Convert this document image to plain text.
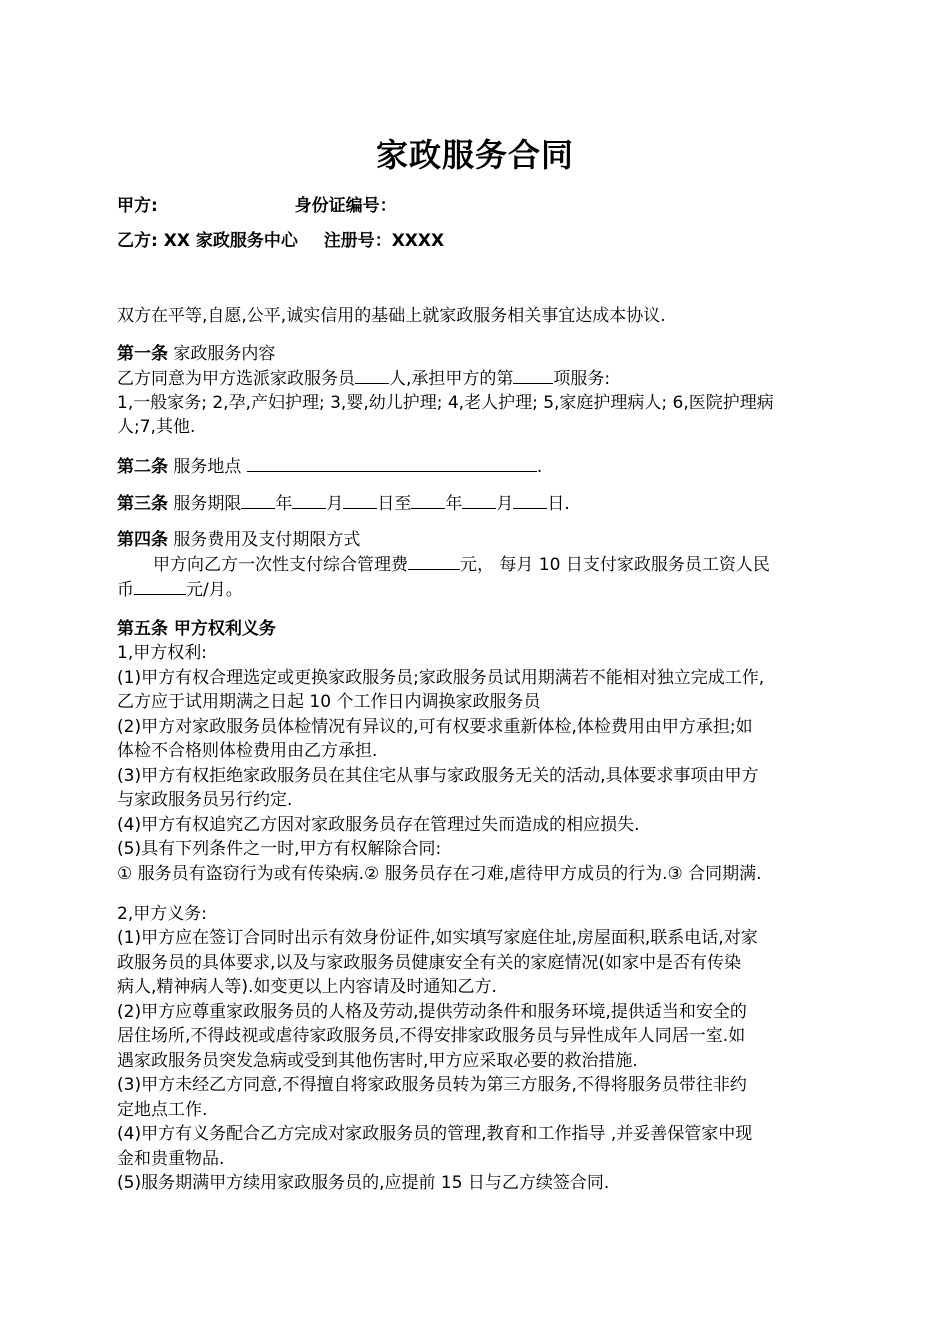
家政服务合同
甲方:	身份证编号：
乙方: XX 家政服务中心 注册号：XXXX
双方在平等,自愿,公平,诚实信用的基础上就家政服务相关事宜达成本协议.
第一条 家政服务内容
乙方同意为甲方选派家政服务员 人,承担甲方的第 项服务:
1,一般家务; 2,孕,产妇护理; 3,婴,幼儿护理; 4,老人护理; 5,家庭护理病人; 6,医院护理病
人;7,其他.
第二条 服务地点	.
第三条 服务期限 年 月 日至 年 月 日.
第四条 服务费用及支付期限方式
甲方向乙方一次性支付综合管理费	元， 每月 10 日支付家政服务员工资人民
币	元/月。
第五条 甲方权利义务
1,甲方权利:
(1)甲方有权合理选定或更换家政服务员;家政服务员试用期满若不能相对独立完成工作,
乙方应于试用期满之日起 10 个工作日内调换家政服务员
(2)甲方对家政服务员体检情况有异议的,可有权要求重新体检,体检费用由甲方承担;如
体检不合格则体检费用由乙方承担.
(3)甲方有权拒绝家政服务员在其住宅从事与家政服务无关的活动,具体要求事项由甲方
与家政服务员另行约定.
(4)甲方有权追究乙方因对家政服务员存在管理过失而造成的相应损失.
(5)具有下列条件之一时,甲方有权解除合同:
① 服务员有盗窃行为或有传染病.② 服务员存在刁难,虐待甲方成员的行为.③ 合同期满.
2,甲方义务:
(1)甲方应在签订合同时出示有效身份证件,如实填写家庭住址,房屋面积,联系电话,对家
政服务员的具体要求,以及与家政服务员健康安全有关的家庭情况(如家中是否有传染
病人,精神病人等).如变更以上内容请及时通知乙方.
(2)甲方应尊重家政服务员的人格及劳动,提供劳动条件和服务环境,提供适当和安全的
居住场所,不得歧视或虐待家政服务员,不得安排家政服务员与异性成年人同居一室.如
遇家政服务员突发急病或受到其他伤害时,甲方应采取必要的救治措施.
(3)甲方未经乙方同意,不得擅自将家政服务员转为第三方服务,不得将服务员带往非约
定地点工作.
(4)甲方有义务配合乙方完成对家政服务员的管理,教育和工作指导 ,并妥善保管家中现
金和贵重物品.
(5)服务期满甲方续用家政服务员的,应提前 15 日与乙方续签合同.
